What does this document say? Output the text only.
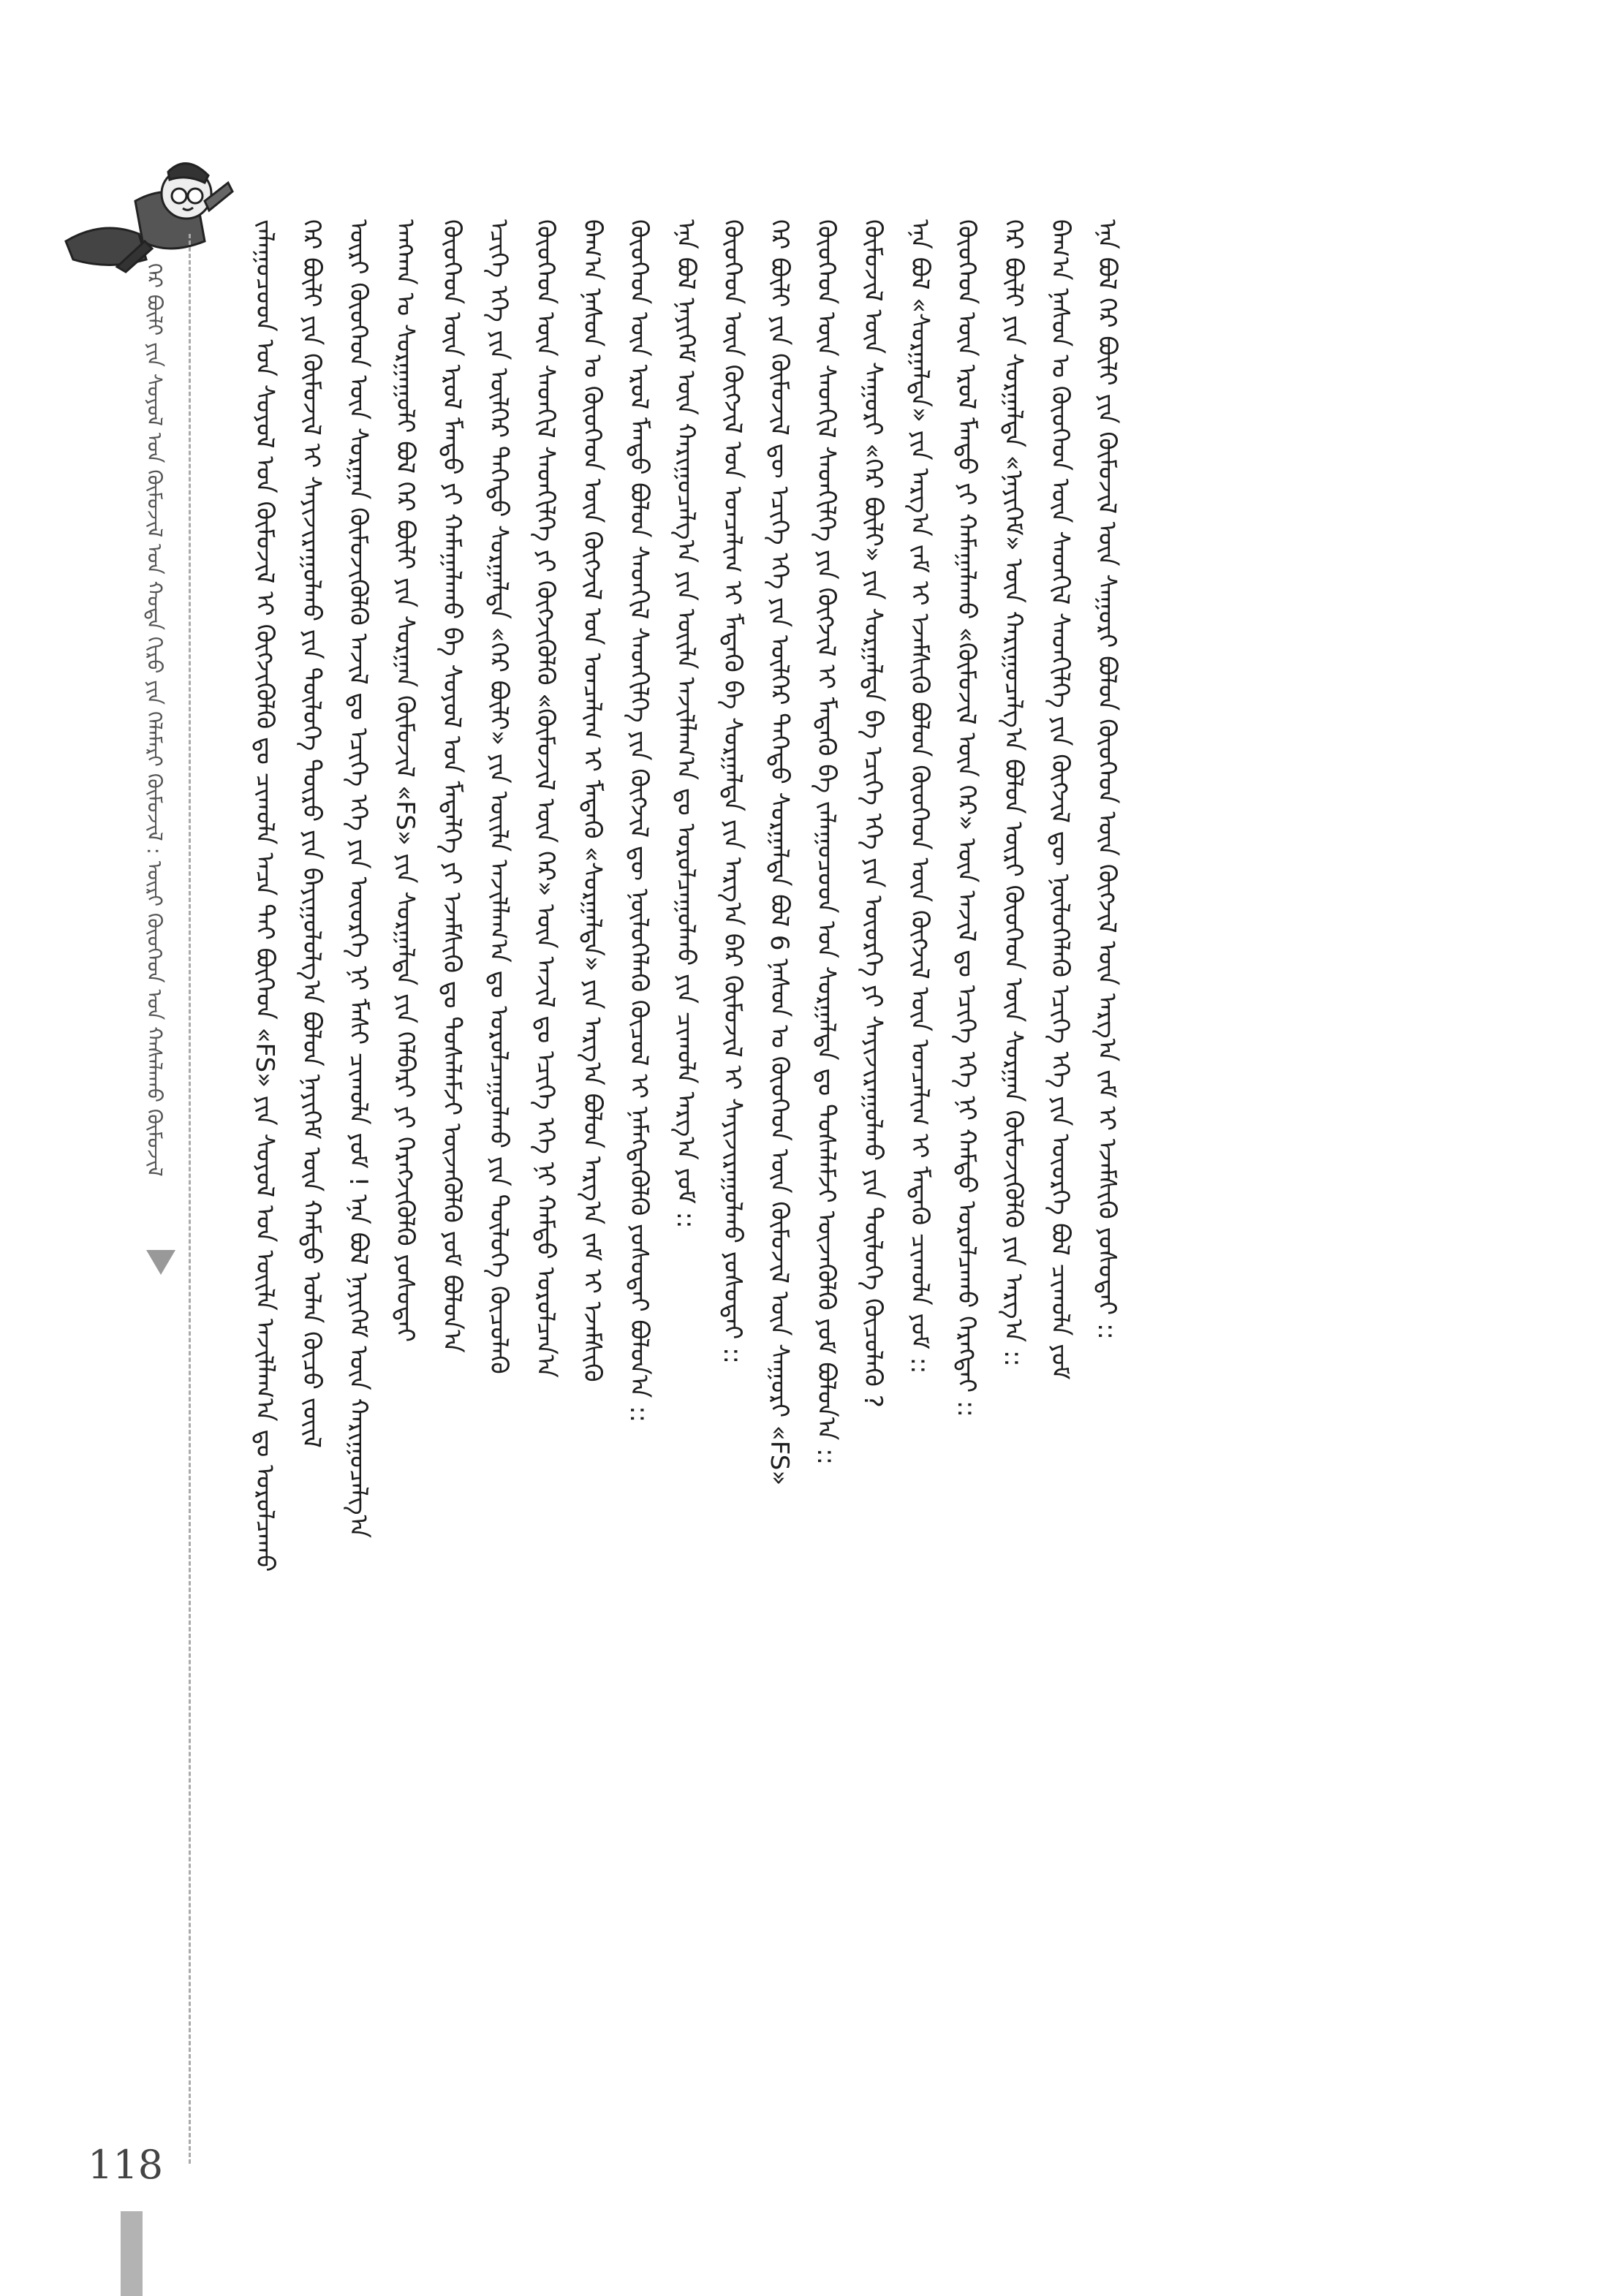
ᠭᠡᠷ ᠪᠦᠯᠢ ᠶᠢᠨ ᠰᠣᠶᠣᠯ ᠤᠨ ᠬᠦᠮᠦᠵᠢᠯ ᠤᠨ ᠬᠣᠲᠠ ᠬᠢᠷᠣ ᠶᠢᠨ ᠬᠡᠯᠡᠮᠡᠷᠢ ᠬᠦᠮᠦᠵᠢᠯ : ᠦᠷᠢ ᠬᠦᠦᠬᠡᠳ ᠤᠨ ᠬᠠᠰᠠᠯᠠᠬᠤ ᠬᠦᠮᠦᠵᠢᠯ	ᠵᠠᠯᠠᠭᠤᠴᠤᠳ ᠤᠨ ᠰᠣᠶᠣᠯ ᠤᠨ ᠬᠦᠮᠦᠵᠢᠯ ᠢ ᠬᠦᠭᠵᠢᠭᠦᠯᠬᠦ ᠳᠤ ᠴᠢᠬᠤᠯᠠ ᠠᠴᠠ ᠲᠠᠢ ᠪᠥᠭᠡᠳ «FS» ᠶᠢᠨ ᠰᠣᠶᠣᠯ ᠤᠨ ᠦᠢᠯᠡ ᠠᠵᠢᠯᠯᠠᠭ᠎ᠠ ᠳᠤ ᠣᠷᠣᠯᠴᠠᠬᠤ ᠭᠡᠷ ᠪᠦᠯᠢ ᠶᠢᠨ ᠬᠦᠮᠦᠵᠢᠯ ᠢ ᠰᠠᠶᠢᠵᠢᠷᠠᠭᠤᠯᠬᠤ ᠶᠢᠨ ᠲᠥᠯᠥᠭᠡ ᠲᠥᠷᠥ ᠶᠢᠨ ᠪᠠᠶᠢᠭᠤᠯᠤᠯᠭ᠎ᠠ ᠪᠣᠯᠤᠨ ᠨᠡᠶᠢᠭᠡᠮ ᠦᠨ ᠬᠠᠮᠲᠤ ᠣᠯᠠᠨ ᠬᠦᠴᠦ ᠵᠦᠢᠯ ᠦᠷᠢ ᠬᠦᠦᠬᠡᠳ ᠦᠨ ᠰᠤᠷᠭᠠᠨ ᠬᠦᠮᠦᠵᠢᠭᠦᠯᠬᠦ ᠠᠵᠢᠯ ᠳᠤ ᠡᠴᠢᠭᠡ ᠡᠬᠡ ᠶᠢᠨ ᠦᠦᠷᠭᠡ ᠨᠢ ᠮᠠᠰᠢ ᠴᠢᠬᠤᠯᠠ ᠶᠤᠮ ! ᠡᠨᠡ ᠪᠣᠯ ᠨᠡᠶᠢᠭᠡᠮ ᠦᠨ ᠬᠠᠷᠢᠭᠤᠴᠠᠯᠭ᠎ᠠ ᠠᠩᠬᠠᠨ ᠤ ᠰᠤᠷᠭᠠᠭᠤᠯᠢ ᠪᠣᠯ ᠭᠡᠷ ᠪᠦᠯᠢ ᠶᠢᠨ ᠰᠤᠷᠭᠠᠨ ᠬᠦᠮᠦᠵᠢᠯ «FS» ᠶᠢᠨ ᠰᠤᠷᠭᠠᠯᠲᠠ ᠶᠢᠨ ᠬᠡᠯᠪᠡᠷᠢ ᠶᠢ ᠬᠡᠷᠡᠭᠵᠢᠭᠦᠯᠬᠦ ᠶᠤᠰᠤᠲᠠᠢ ᠬᠦᠦᠬᠡᠳ ᠦᠨ ᠡᠷᠦᠯ ᠮᠡᠨᠳᠦ ᠶᠢ ᠬᠠᠮᠠᠭᠠᠯᠠᠬᠤ ᠪᠠ ᠰᠣᠶᠣᠯ ᠤᠨ ᠮᠡᠳᠡᠯᠭᠡ ᠶᠢ ᠡᠵᠡᠮᠰᠢᠬᠦ ᠳᠤ ᠲᠤᠰᠠᠯᠠᠮᠵᠢ ᠦᠵᠡᠭᠦᠯᠬᠦ ᠶᠤᠮ ᠪᠣᠯᠤᠨ᠎ᠠ ᠡᠴᠢᠭᠡ ᠡᠬᠡ ᠶᠢᠨ ᠦᠯᠭᠡᠷ ᠳᠡᠭᠡᠳᠦ ᠰᠤᠷᠭᠠᠯᠲᠠ «ᠭᠡᠷ ᠪᠦᠯᠢ» ᠶᠢᠨ ᠦᠢᠯᠡ ᠠᠵᠢᠯᠯᠠᠭ᠎ᠠ ᠳᠤ ᠣᠷᠣᠯᠴᠠᠭᠤᠯᠬᠤ ᠶᠢᠨ ᠲᠥᠯᠥᠭᠡ ᠬᠦᠴᠦᠯᠡᠬᠦ ᠬᠦᠦᠬᠡᠳ ᠦᠨ ᠰᠡᠳᠬᠢᠯ ᠰᠡᠳᠬᠢᠯᠭᠡ ᠶᠢ ᠬᠦᠭᠵᠢᠭᠦᠯᠬᠦ «ᠬᠦᠮᠦᠵᠢᠯ ᠦᠨ ᠭᠡᠷ» ᠦᠨ ᠠᠵᠢᠯ ᠳᠤ ᠡᠴᠢᠭᠡ ᠡᠬᠡ ᠨᠢ ᠬᠠᠮᠲᠤ ᠣᠷᠣᠯᠴᠠᠨ᠎ᠠ ᠪᠠᠭ᠎ᠠ ᠨᠠᠰᠤᠨ ᠤ ᠬᠦᠦᠬᠡᠳ ᠦᠨ ᠬᠥᠭᠵᠢᠯ ᠤᠨ ᠣᠨᠴᠠᠯᠢᠭ ᠢ ᠮᠡᠳᠡᠬᠦ «ᠰᠤᠷᠭᠠᠯᠲᠠ» ᠶᠢᠨ ᠠᠷᠭ᠎ᠠ ᠪᠣᠯᠤᠨ ᠠᠷᠭ᠎ᠠ ᠵᠠᠮ ᠢ ᠡᠵᠡᠮᠰᠢᠬᠦ ᠬᠦᠦᠬᠡᠳ ᠦᠨ ᠡᠷᠦᠯ ᠮᠡᠨᠳᠦ ᠪᠣᠯᠤᠨ ᠰᠡᠳᠬᠢᠯ ᠰᠡᠳᠬᠢᠯᠭᠡ ᠶᠢᠨ ᠬᠥᠭᠵᠢᠯ ᠳᠦ ᠨᠥᠯᠥᠭᠡᠯᠡᠬᠦ ᠬᠦᠴᠦᠯ ᠢ ᠨᠡᠮᠡᠭᠳᠡᠭᠦᠯᠬᠦ ᠶᠤᠰᠤᠲᠠᠢ ᠪᠣᠯᠤᠨ᠎ᠠ :: ᠡᠨᠡ ᠪᠣᠯ ᠨᠡᠶᠢᠭᠡᠮ ᠦᠨ ᠬᠠᠷᠢᠭᠤᠴᠠᠯᠭ᠎ᠠ ᠶᠢᠨ ᠦᠢᠯᠡ ᠠᠵᠢᠯᠯᠠᠭ᠎ᠠ ᠳᠤ ᠣᠷᠣᠯᠴᠠᠭᠤᠯᠬᠤ ᠶᠢᠨ ᠴᠢᠬᠤᠯᠠ ᠠᠷᠭ᠎ᠠ ᠶᠤᠮ :: ᠬᠦᠦᠬᠡᠳ ᠦᠨ ᠬᠥᠭᠵᠢᠯ ᠤᠨ ᠣᠨᠴᠠᠯᠢᠭ ᠢ ᠮᠡᠳᠡᠬᠦ ᠪᠠ ᠰᠤᠷᠭᠠᠯᠲᠠ ᠶᠢᠨ ᠠᠷᠭ᠎ᠠ ᠪᠠᠷ ᠬᠦᠮᠦᠵᠢᠯ ᠢ ᠰᠠᠶᠢᠵᠢᠷᠠᠭᠤᠯᠬᠤ ᠶᠤᠰᠤᠲᠠᠢ :: ᠭᠡᠷ ᠪᠦᠯᠢ ᠶᠢᠨ ᠬᠦᠮᠦᠵᠢᠯ ᠳᠦ ᠡᠴᠢᠭᠡ ᠡᠬᠡ ᠶᠢᠨ ᠦᠯᠭᠡᠷ ᠳᠡᠭᠡᠳᠦ ᠰᠤᠷᠭᠠᠯᠲᠠ ᠪᠣᠯ 6 ᠨᠠᠰᠤᠨ ᠤ ᠬᠦᠦᠬᠡᠳ ᠦᠨ ᠬᠦᠮᠦᠵᠢᠯ ᠦᠨ ᠰᠠᠭᠤᠷᠢ «FS» ᠬᠦᠦᠬᠡᠳ ᠦᠨ ᠰᠡᠳᠬᠢᠯ ᠰᠡᠳᠬᠢᠯᠭᠡ ᠶᠢᠨ ᠬᠥᠭᠵᠢᠯ ᠢ ᠮᠡᠳᠡᠬᠦ ᠪᠠ ᠵᠠᠯᠠᠭᠤᠴᠤᠳ ᠤᠨ ᠰᠤᠷᠭᠠᠯᠲᠠ ᠳᠤ ᠲᠤᠰᠠᠯᠠᠮᠵᠢ ᠦᠵᠡᠭᠦᠯᠬᠦ ᠶᠤᠮ ᠪᠣᠯᠤᠨ᠎ᠠ :: ᠬᠦᠮᠦᠵᠢᠯ ᠦᠨ ᠰᠠᠭᠤᠷᠢ «ᠭᠡᠷ ᠪᠦᠯᠢ» ᠶᠢᠨ ᠰᠤᠷᠭᠠᠯᠲᠠ ᠪᠠ ᠡᠴᠢᠭᠡ ᠡᠬᠡ ᠶᠢᠨ ᠦᠦᠷᠭᠡ ᠶᠢ ᠰᠠᠶᠢᠵᠢᠷᠠᠭᠤᠯᠬᠤ ᠶᠢᠨ ᠲᠥᠯᠥᠭᠡ ᠬᠦᠴᠦᠯᠡᠬᠦ ? ᠡᠨᠡ ᠪᠣᠯ «ᠰᠤᠷᠭᠠᠯᠲᠠ» ᠶᠢᠨ ᠠᠷᠭ᠎ᠠ ᠵᠠᠮ ᠢ ᠡᠵᠡᠮᠰᠢᠬᠦ ᠪᠣᠯᠤᠨ ᠬᠦᠦᠬᠡᠳ ᠦᠨ ᠬᠥᠭᠵᠢᠯ ᠦᠨ ᠣᠨᠴᠠᠯᠢᠭ ᠢ ᠮᠡᠳᠡᠬᠦ ᠴᠢᠬᠤᠯᠠ ᠶᠤᠮ :: ᠬᠦᠦᠬᠡᠳ ᠦᠨ ᠡᠷᠦᠯ ᠮᠡᠨᠳᠦ ᠶᠢ ᠬᠠᠮᠠᠭᠠᠯᠠᠬᠤ «ᠬᠦᠮᠦᠵᠢᠯ ᠦᠨ ᠭᠡᠷ» ᠦᠨ ᠠᠵᠢᠯ ᠳᠤ ᠡᠴᠢᠭᠡ ᠡᠬᠡ ᠨᠢ ᠬᠠᠮᠲᠤ ᠣᠷᠣᠯᠴᠠᠬᠤ ᠬᠡᠷᠡᠭᠲᠡᠢ :: ᠭᠡᠷ ᠪᠦᠯᠢ ᠶᠢᠨ ᠰᠤᠷᠭᠠᠯᠲᠠ «ᠨᠡᠶᠢᠭᠡᠮ» ᠦᠨ ᠬᠠᠷᠢᠭᠤᠴᠠᠯᠭ᠎ᠠ ᠪᠣᠯᠤᠨ ᠦᠷᠢ ᠬᠦᠦᠬᠡᠳ ᠦᠨ ᠰᠤᠷᠭᠠᠨ ᠬᠦᠮᠦᠵᠢᠭᠦᠯᠬᠦ ᠶᠢᠨ ᠠᠷᠭ᠎ᠠ :: ᠪᠠᠭ᠎ᠠ ᠨᠠᠰᠤᠨ ᠤ ᠬᠦᠦᠬᠡᠳ ᠦᠨ ᠰᠡᠳᠬᠢᠯ ᠰᠡᠳᠬᠢᠯᠭᠡ ᠶᠢᠨ ᠬᠥᠭᠵᠢᠯ ᠳᠦ ᠨᠥᠯᠥᠭᠡᠯᠡᠬᠦ ᠡᠴᠢᠭᠡ ᠡᠬᠡ ᠶᠢᠨ ᠦᠦᠷᠭᠡ ᠪᠣᠯ ᠴᠢᠬᠤᠯᠠ ᠶᠤᠮ ᠡᠨᠡ ᠪᠣᠯ ᠭᠡᠷ ᠪᠦᠯᠢ ᠶᠢᠨ ᠬᠦᠮᠦᠵᠢᠯ ᠦᠨ ᠰᠠᠭᠤᠷᠢ ᠪᠣᠯᠤᠨ ᠬᠦᠦᠬᠡᠳ ᠦᠨ ᠬᠥᠭᠵᠢᠯ ᠦᠨ ᠠᠷᠭ᠎ᠠ ᠵᠠᠮ ᠢ ᠡᠵᠡᠮᠰᠢᠬᠦ ᠶᠤᠰᠤᠲᠠᠢ ::
118
